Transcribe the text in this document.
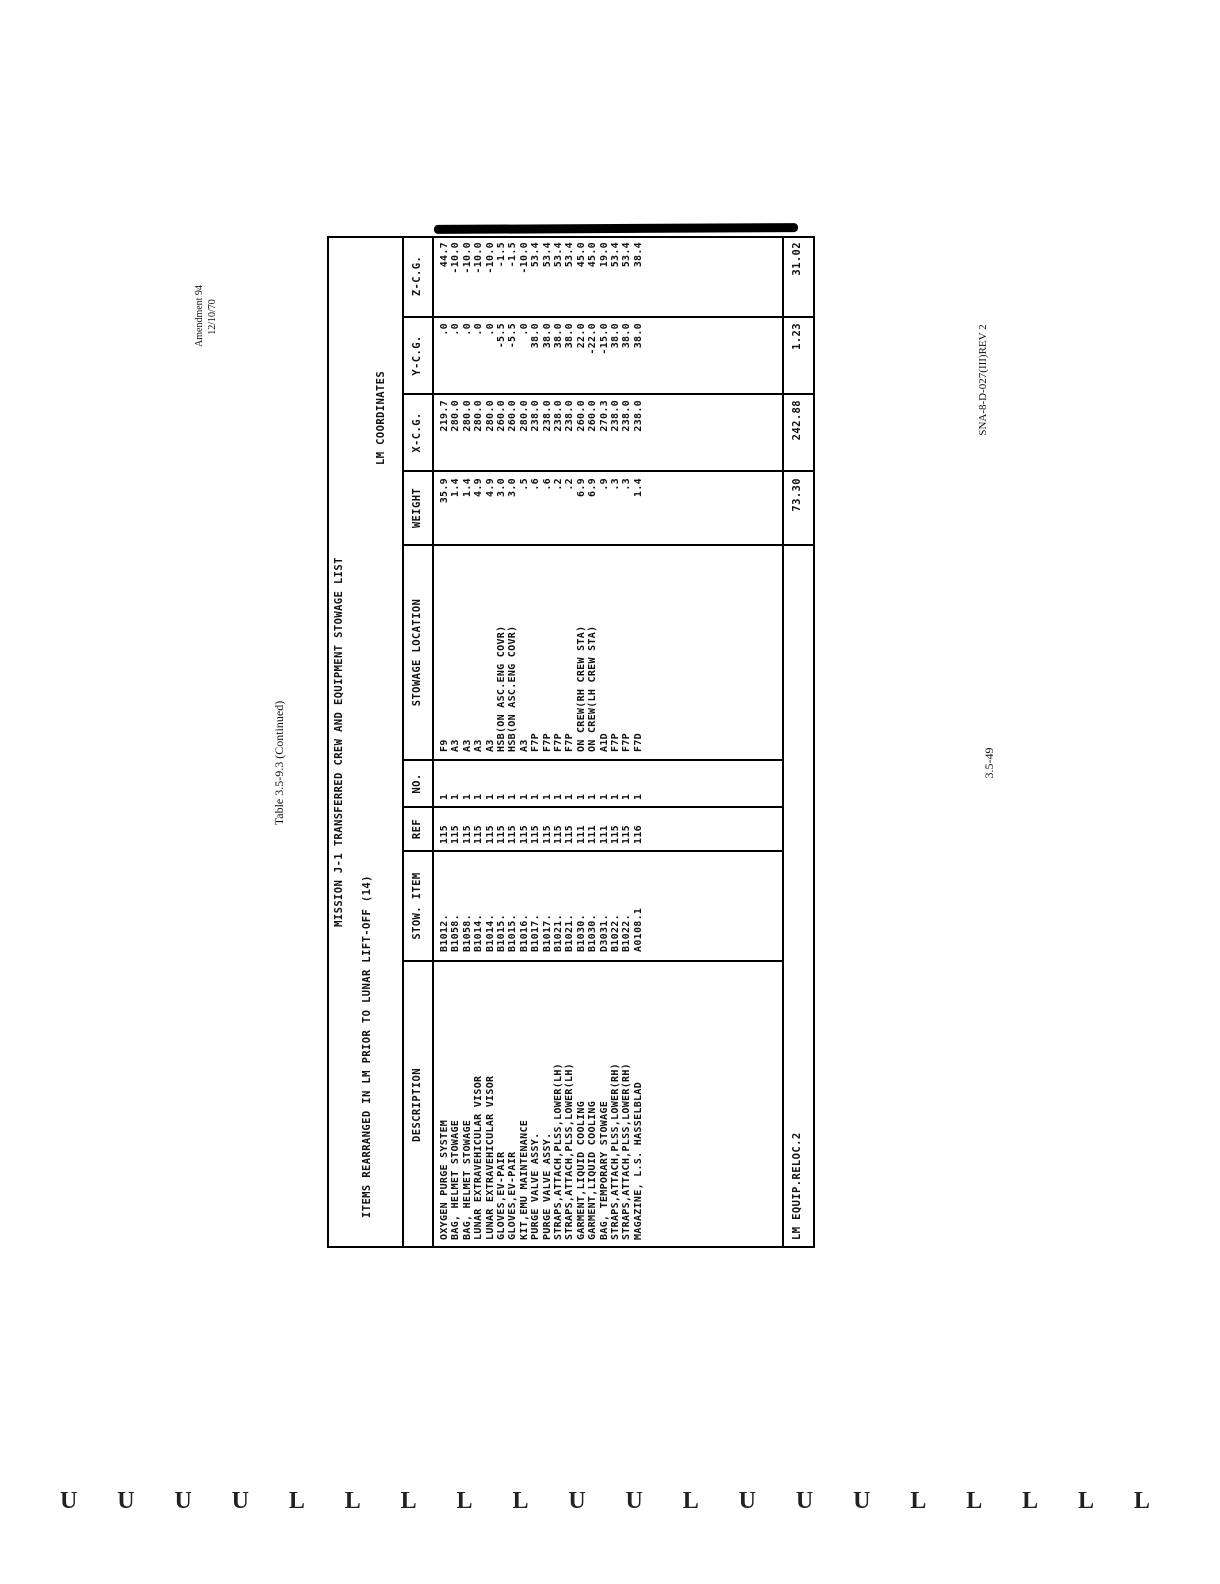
Amendment 94 12/10/70
Table 3.5-9.3 (Continued)	3.5-49
SNA-8-D-027(III)REV 2
MISSION J-1 TRANSFERRED CREW AND EQUIPMENT STOWAGE LIST
ITEMS REARRANGED IN LM PRIOR TO LUNAR LIFT-OFF (14)
LM COORDINATES
DESCRIPTION
STOW. ITEM
REF
NO.
STOWAGE LOCATION
WEIGHT
X-C.G.
Y-C.G.
Z-C.G.
OXYGEN PURGE SYSTEM
B1012.
115
1
F9
35.9
219.7
.0
44.7
BAG, HELMET STOWAGE
B1058.
115
1
A3
1.4
280.0
.0
-10.0
BAG, HELMET STOWAGE
B1058.
115
1
A3
1.4
280.0
.0
-10.0
LUNAR EXTRAVEHICULAR VISOR
B1014.
115
1
A3
4.9
280.0
.0
-10.0
LUNAR EXTRAVEHICULAR VISOR
B1014.
115
1
A3
4.9
280.0
.0
-10.0
GLOVES,EV-PAIR
B1015.
115
1
HSB(ON ASC.ENG COVR)
3.0
260.0
-5.5
-1.5
GLOVES,EV-PAIR
B1015.
115
1
HSB(ON ASC.ENG COVR)
3.0
260.0
-5.5
-1.5
KIT,EMU MAINTENANCE
B1016.
115
1
A3
.5
280.0
.0
-10.0
PURGE VALVE ASSY.
B1017.
115
1
F7P
.6
238.0
38.0
53.4
PURGE VALVE ASSY.
B1017.
115
1
F7P
.6
238.0
38.0
53.4
STRAPS,ATTACH,PLSS,LOWER(LH)
B1021.
115
1
F7P
.2
238.0
38.0
53.4
STRAPS,ATTACH,PLSS,LOWER(LH)
B1021.
115
1
F7P
.2
238.0
38.0
53.4
GARMENT,LIQUID COOLING
B1030.
111
1
ON CREW(RH CREW STA)
6.9
260.0
22.0
45.0
GARMENT,LIQUID COOLING
B1030.
111
1
ON CREW(LH CREW STA)
6.9
260.0
-22.0
45.0
BAG, TEMPORARY STOWAGE
D3031.
111
1
A1D
.9
270.3
-15.0
19.0
STRAPS,ATTACH,PLSS,LOWER(RH)
B1022.
115
1
F7P
.3
238.0
38.0
53.4
STRAPS,ATTACH,PLSS,LOWER(RH)
B1022.
115
1
F7P
.3
238.0
38.0
53.4
MAGAZINE, L.S. HASSELBLAD
A0108.1
116
1
F7D
1.4
238.0
38.0
38.4
LM EQUIP.RELOC.2
73.30
242.88
1.23
31.02
U U U U L L L L L U U L U U U L L L L L
